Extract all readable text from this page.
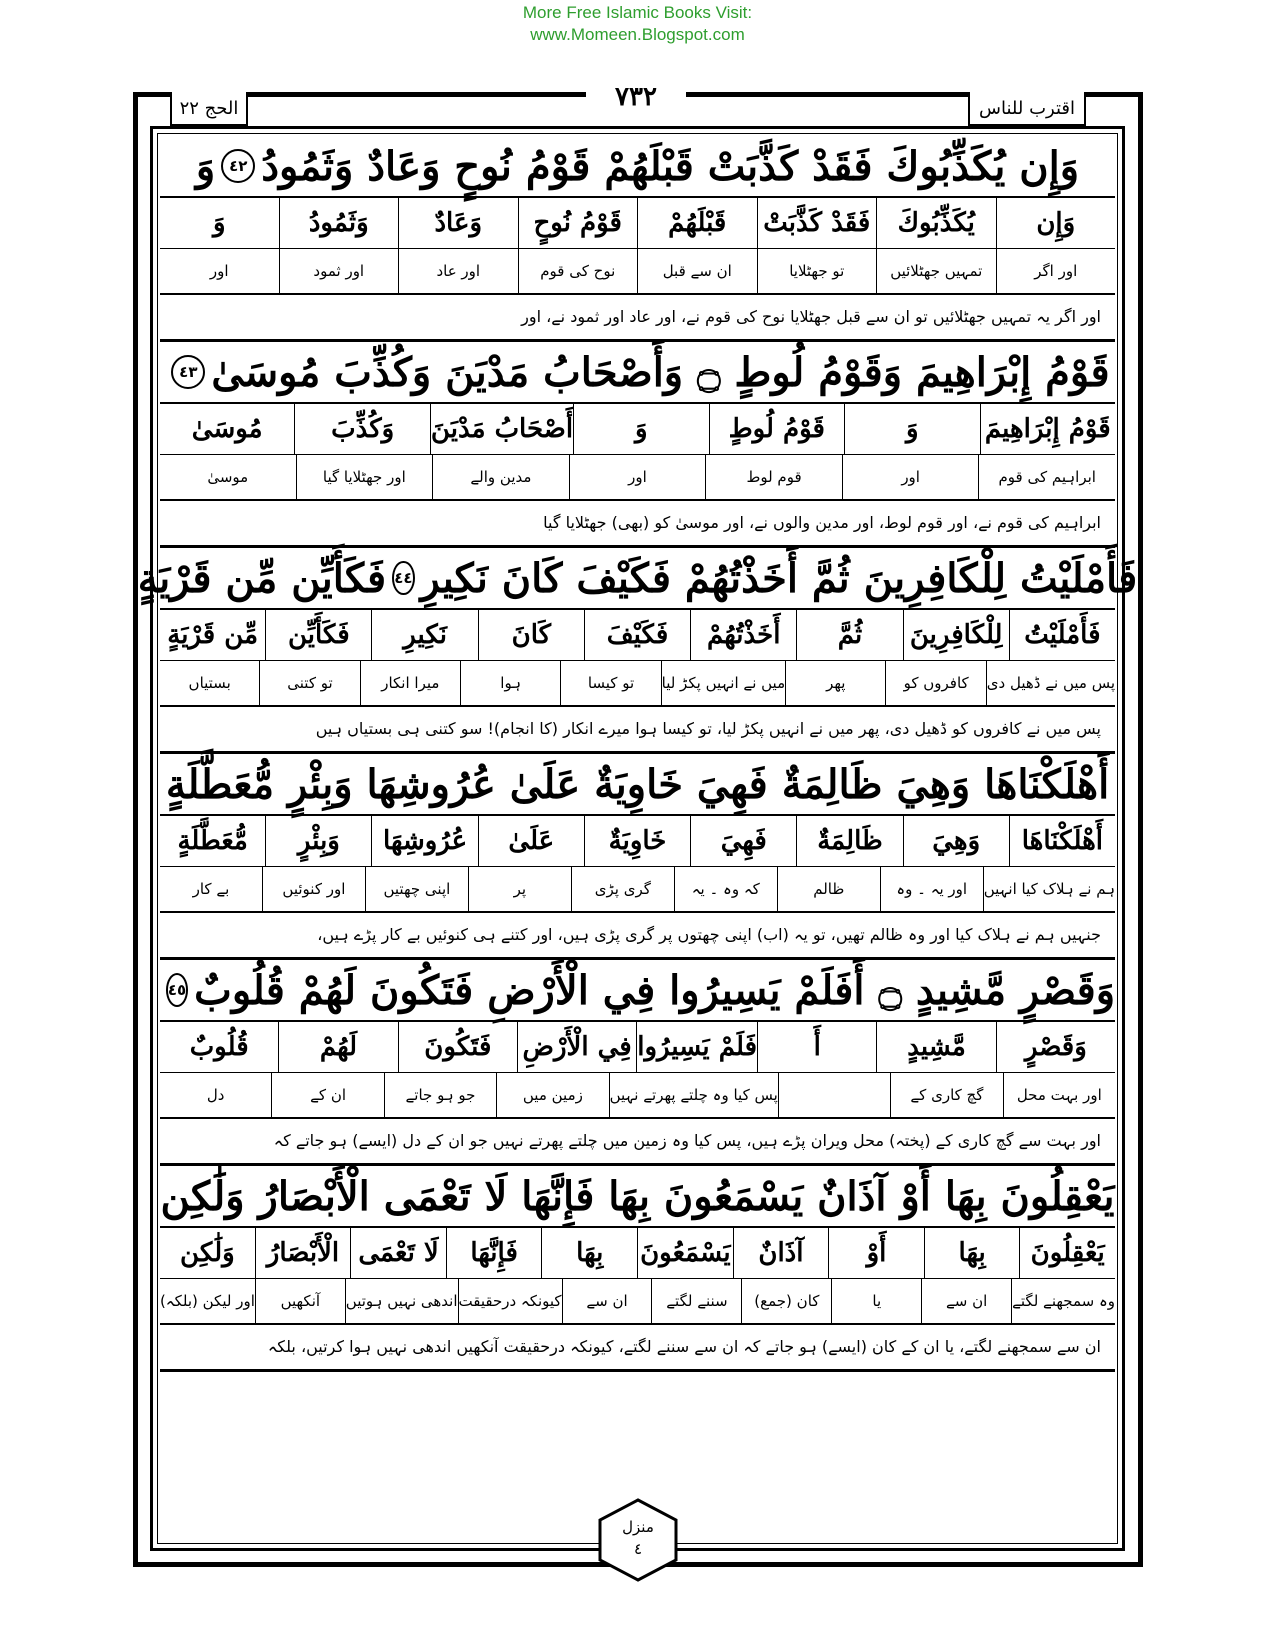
More Free Islamic Books Visit:
www.Momeen.Blogspot.com
اقترب للناس
٧٣٢
الحج ٢٢
وَإِن يُكَذِّبُوكَ فَقَدْ كَذَّبَتْ قَبْلَهُمْ قَوْمُ نُوحٍ وَعَادٌ وَثَمُودُ
٤٢
وَ
وَإِن
يُكَذِّبُوكَ
فَقَدْ كَذَّبَتْ
قَبْلَهُمْ
قَوْمُ نُوحٍ
وَعَادٌ
وَثَمُودُ
وَ
اور اگر
تمہیں جھٹلائیں
تو جھٹلایا
ان سے قبل
نوح کی قوم
اور عاد
اور ثمود
اور
اور اگر یہ تمہیں جھٹلائیں تو ان سے قبل جھٹلایا نوح کی قوم نے، اور عاد اور ثمود نے، اور
قَوْمُ إِبْرَاهِيمَ وَقَوْمُ لُوطٍ ۝ وَأَصْحَابُ مَدْيَنَ وَكُذِّبَ مُوسَىٰ
٤٣
قَوْمُ إِبْرَاهِيمَ
وَ
قَوْمُ لُوطٍ
وَ
أَصْحَابُ مَدْيَنَ
وَكُذِّبَ
مُوسَىٰ
ابراہیم کی قوم
اور
قوم لوط
اور
مدین والے
اور جھٹلایا گیا
موسیٰ
ابراہیم کی قوم نے، اور قوم لوط، اور مدین والوں نے، اور موسیٰ کو (بھی) جھٹلایا گیا
فَأَمْلَيْتُ لِلْكَافِرِينَ ثُمَّ أَخَذْتُهُمْ فَكَيْفَ كَانَ نَكِيرِ
٤٤
فَكَأَيِّن مِّن قَرْيَةٍ
فَأَمْلَيْتُ
لِلْكَافِرِينَ
ثُمَّ
أَخَذْتُهُمْ
فَكَيْفَ
كَانَ
نَكِيرِ
فَكَأَيِّن
مِّن قَرْيَةٍ
پس میں نے ڈھیل دی
کافروں کو
پھر
میں نے انہیں پکڑ لیا
تو کیسا
ہوا
میرا انکار
تو کتنی
بستیاں
پس میں نے کافروں کو ڈھیل دی، پھر میں نے انہیں پکڑ لیا، تو کیسا ہوا میرے انکار (کا انجام)! سو کتنی ہی بستیاں ہیں
أَهْلَكْنَاهَا وَهِيَ ظَالِمَةٌ فَهِيَ خَاوِيَةٌ عَلَىٰ عُرُوشِهَا وَبِئْرٍ مُّعَطَّلَةٍ
أَهْلَكْنَاهَا
وَهِيَ
ظَالِمَةٌ
فَهِيَ
خَاوِيَةٌ
عَلَىٰ
عُرُوشِهَا
وَبِئْرٍ
مُّعَطَّلَةٍ
ہم نے ہلاک کیا انہیں
اور یہ ۔ وہ
ظالم
کہ وہ ۔ یہ
گری پڑی
پر
اپنی چھتیں
اور کنوئیں
بے کار
جنہیں ہم نے ہلاک کیا اور وہ ظالم تھیں، تو یہ (اب) اپنی چھتوں پر گری پڑی ہیں، اور کتنے ہی کنوئیں بے کار پڑے ہیں،
وَقَصْرٍ مَّشِيدٍ ۝ أَفَلَمْ يَسِيرُوا فِي الْأَرْضِ فَتَكُونَ لَهُمْ قُلُوبٌ
٤٥
وَقَصْرٍ
مَّشِيدٍ
أَ
فَلَمْ يَسِيرُوا
فِي الْأَرْضِ
فَتَكُونَ
لَهُمْ
قُلُوبٌ
اور بہت محل
گچ کاری کے
پس کیا وہ چلتے پھرتے نہیں
زمین میں
جو ہو جاتے
ان کے
دل
اور بہت سے گچ کاری کے (پختہ) محل ویران پڑے ہیں، پس کیا وہ زمین میں چلتے پھرتے نہیں جو ان کے دل (ایسے) ہو جاتے کہ
يَعْقِلُونَ بِهَا أَوْ آذَانٌ يَسْمَعُونَ بِهَا فَإِنَّهَا لَا تَعْمَى الْأَبْصَارُ وَلَٰكِن
يَعْقِلُونَ
بِهَا
أَوْ
آذَانٌ
يَسْمَعُونَ
بِهَا
فَإِنَّهَا
لَا تَعْمَى
الْأَبْصَارُ
وَلَٰكِن
وہ سمجھنے لگتے
ان سے
یا
کان (جمع)
سننے لگتے
ان سے
کیونکہ درحقیقت
اندھی نہیں ہوتیں
آنکھیں
اور لیکن (بلکہ)
ان سے سمجھنے لگتے، یا ان کے کان (ایسے) ہو جاتے کہ ان سے سننے لگتے، کیونکہ درحقیقت آنکھیں اندھی نہیں ہوا کرتیں، بلکہ
منزل
٤
